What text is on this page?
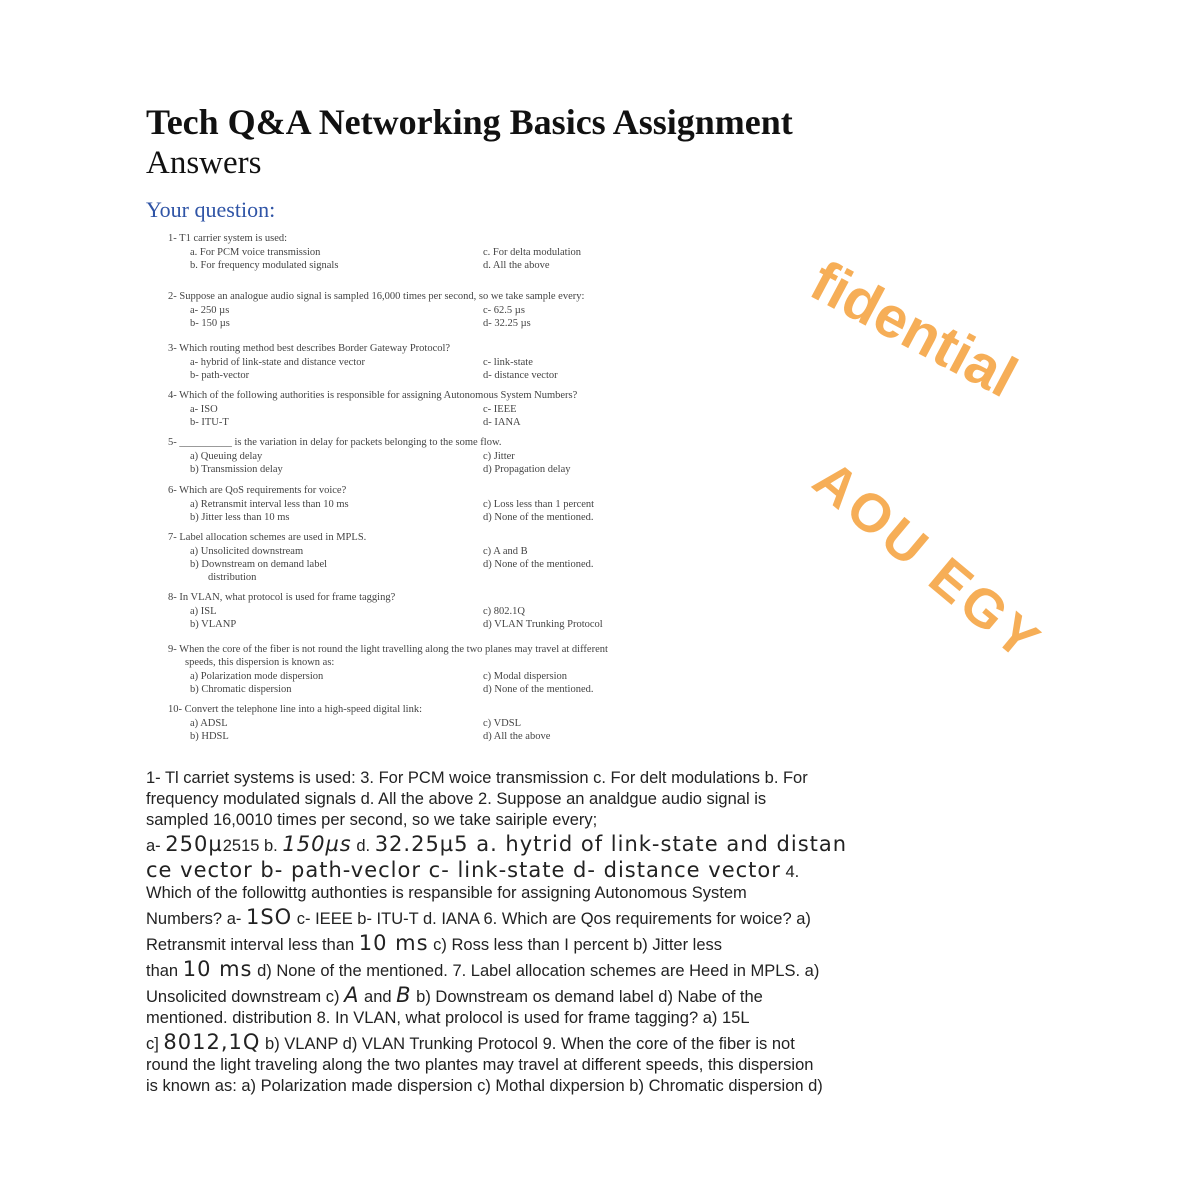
Tech Q&A Networking Basics Assignment
Answers
Your question:
1- T1 carrier system is used:
a. For PCM voice transmission	c. For delta modulation
b. For frequency modulated signals	d. All the above
2- Suppose an analogue audio signal is sampled 16,000 times per second, so we take sample every:
a- 250 µs	c- 62.5 µs
b- 150 µs	d- 32.25 µs
3- Which routing method best describes Border Gateway Protocol?
a- hybrid of link-state and distance vector	c- link-state
b- path-vector	d- distance vector
4- Which of the following authorities is responsible for assigning Autonomous System Numbers?
a- ISO	c- IEEE
b- ITU-T	d- IANA
5- __________ is the variation in delay for packets belonging to the some flow.
a) Queuing delay	c) Jitter
b) Transmission delay	d) Propagation delay
6- Which are QoS requirements for voice?
a) Retransmit interval less than 10 ms	c) Loss less than 1 percent
b) Jitter less than 10 ms	d) None of the mentioned.
7- Label allocation schemes are used in MPLS.
a) Unsolicited downstream	c) A and B
b) Downstream on demand label	d) None of the mentioned.
distribution
8- In VLAN, what protocol is used for frame tagging?
a) ISL	c) 802.1Q
b) VLANP	d) VLAN Trunking Protocol
9- When the core of the fiber is not round the light travelling along the two planes may travel at different
speeds, this dispersion is known as:
a) Polarization mode dispersion	c) Modal dispersion
b) Chromatic dispersion	d) None of the mentioned.
10- Convert the telephone line into a high-speed digital link:
a) ADSL	c) VDSL
b) HDSL	d) All the above
fidential
AOU EGY
1- Tl carriet systems is used: 3. For PCM woice transmission c. For delt modulations b. For
frequency modulated signals d. All the above 2. Suppose an analdgue audio signal is
sampled 16,0010 times per second, so we take sairiple every;
a- 250µ2515 b. 150µs d. 32.25µ5 a. hytrid of link-state and distan
ce vector b- path-veclor c- link-state d- distance vector 4.
Which of the followittg authonties is respansible for assigning Autonomous System
Numbers? a- 1SO c- IEEE b- ITU-T d. IANA 6. Which are Qos requirements for woice? a)
Retransmit interval less than 10 ms c) Ross less than I percent b) Jitter less
than 10 ms d) None of the mentioned. 7. Label allocation schemes are Heed in MPLS. a)
Unsolicited downstream c) A and B b) Downstream os demand label d) Nabe of the
mentioned. distribution 8. In VLAN, what prolocol is used for frame tagging? a) 15L
c] 8012,1Q b) VLANP d) VLAN Trunking Protocol 9. When the core of the fiber is not
round the light traveling along the two plantes may travel at different speeds, this dispersion
is known as: a) Polarization made dispersion c) Mothal dixpersion b) Chromatic dispersion d)
